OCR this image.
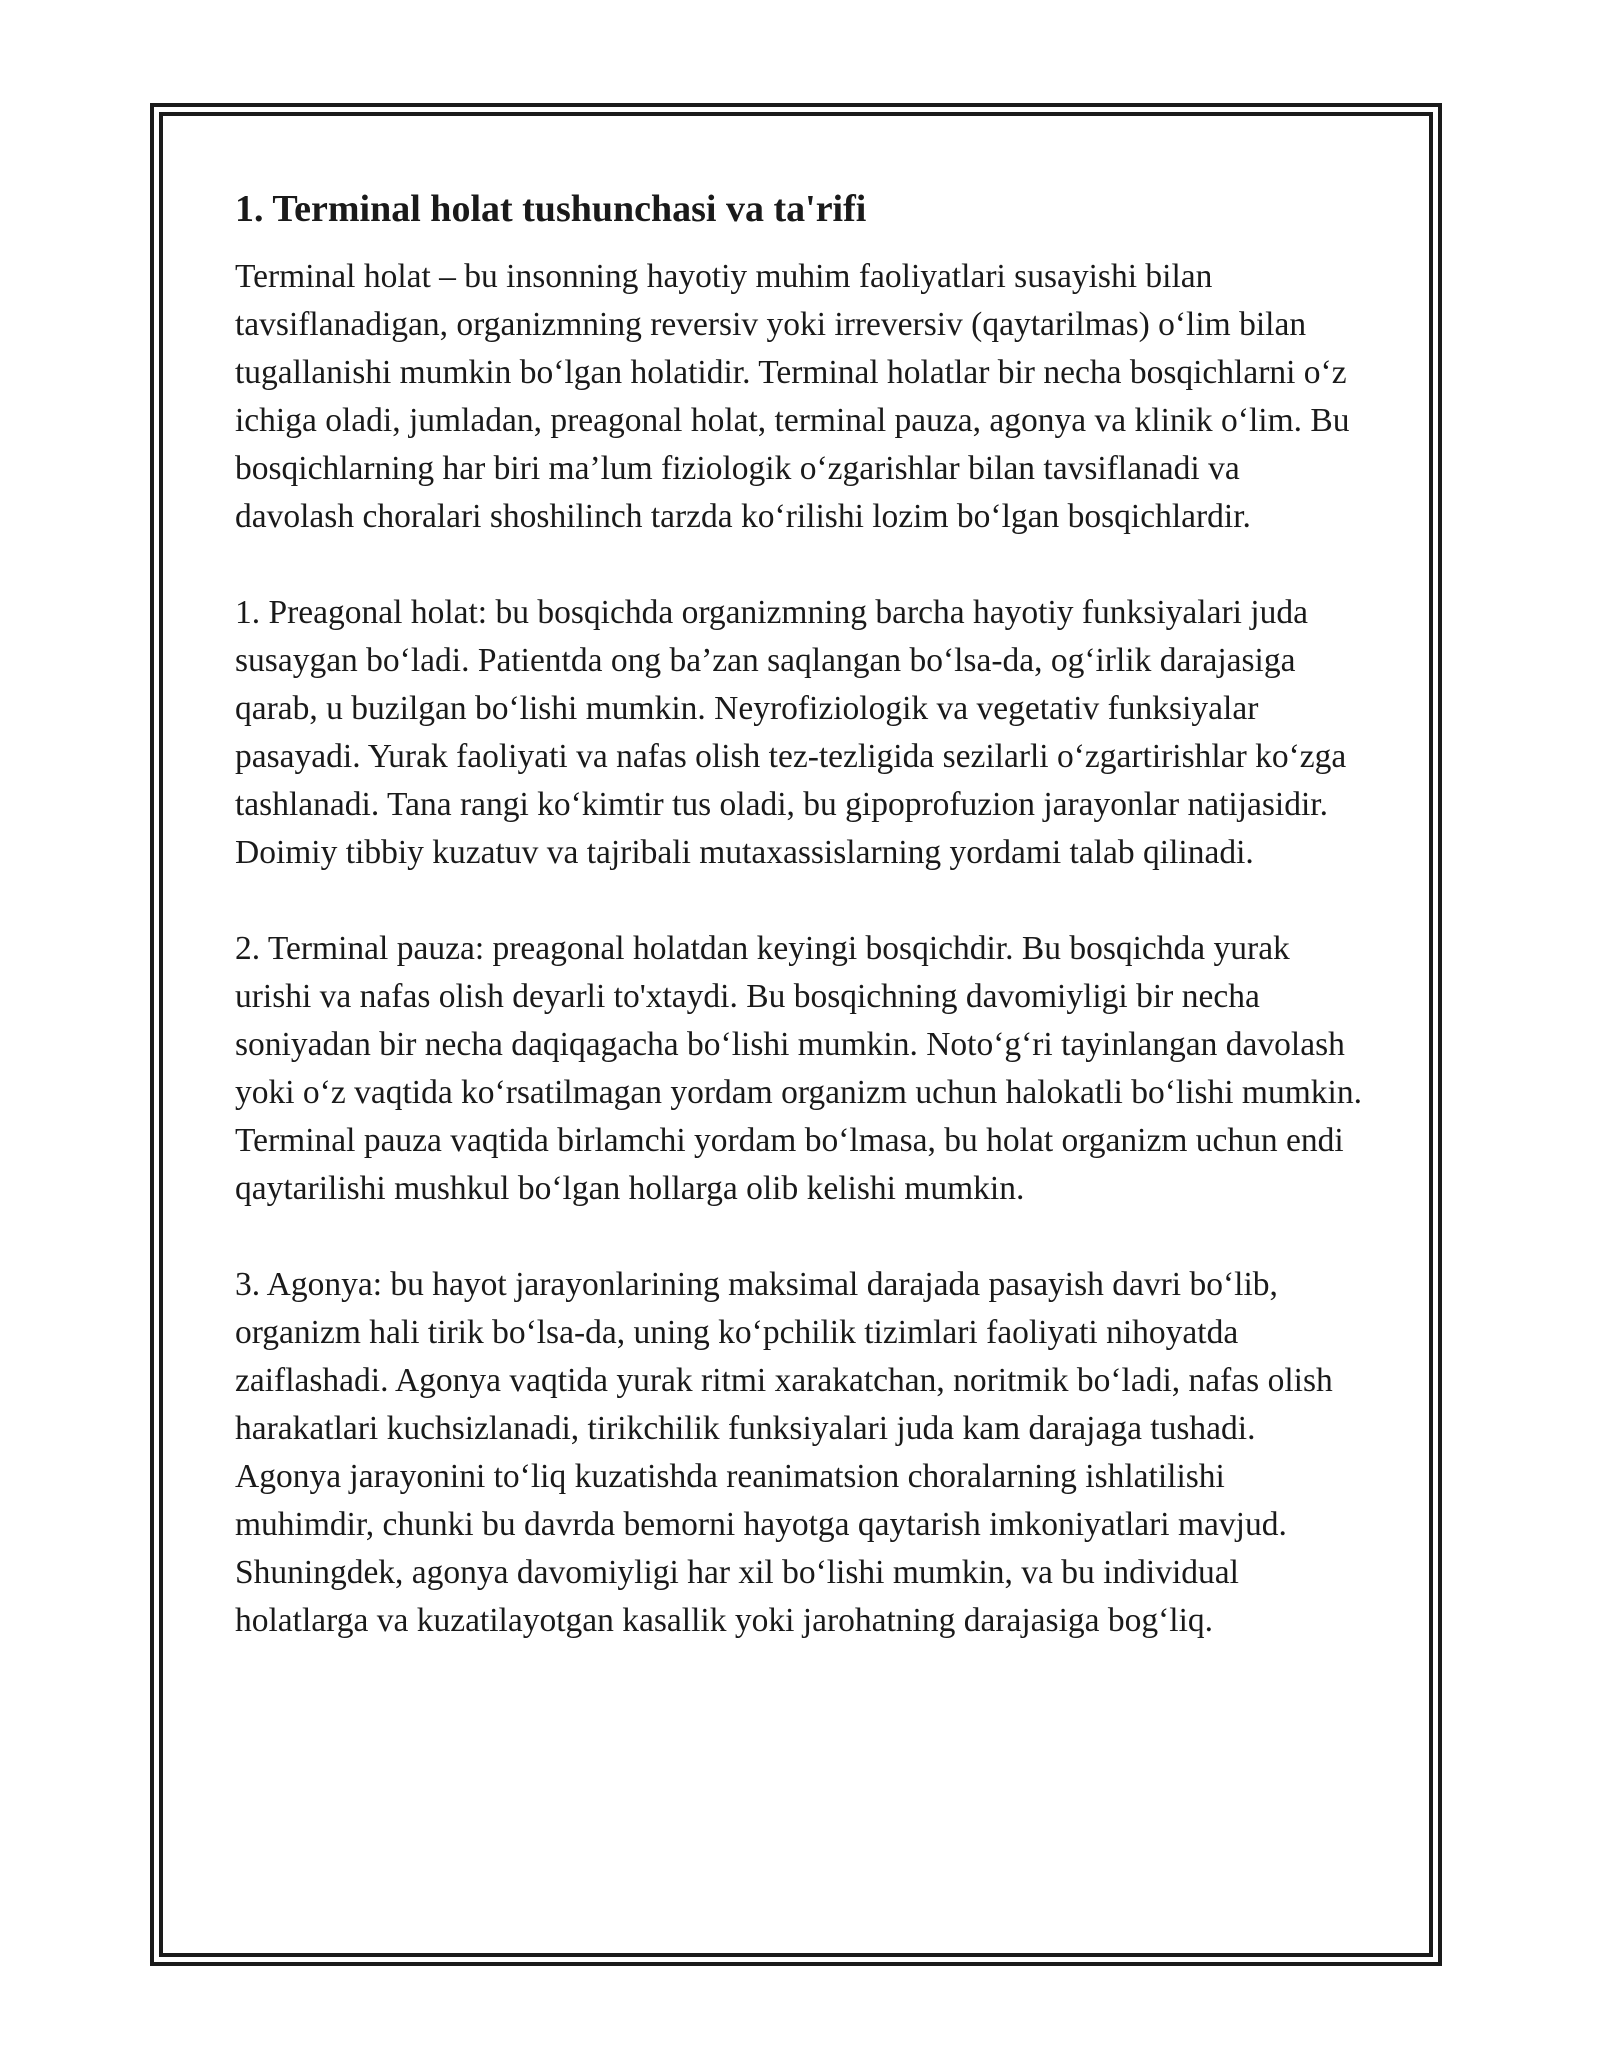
1. Terminal holat tushunchasi va ta'rifi

Terminal holat – bu insonning hayotiy muhim faoliyatlari susayishi bilan tavsiflanadigan, organizmning reversiv yoki irreversiv (qaytarilmas) o‘lim bilan tugallanishi mumkin bo‘lgan holatidir. Terminal holatlar bir necha bosqichlarni o‘z ichiga oladi, jumladan, preagonal holat, terminal pauza, agonya va klinik o‘lim. Bu bosqichlarning har biri ma’lum fiziologik o‘zgarishlar bilan tavsiflanadi va davolash choralari shoshilinch tarzda ko‘rilishi lozim bo‘lgan bosqichlardir.

1. Preagonal holat: bu bosqichda organizmning barcha hayotiy funksiyalari juda susaygan bo‘ladi. Patientda ong ba’zan saqlangan bo‘lsa-da, og‘irlik darajasiga qarab, u buzilgan bo‘lishi mumkin. Neyrofiziologik va vegetativ funksiyalar pasayadi. Yurak faoliyati va nafas olish tez-tezligida sezilarli o‘zgartirishlar ko‘zga tashlanadi. Tana rangi ko‘kimtir tus oladi, bu gipoprofuzion jarayonlar natijasidir. Doimiy tibbiy kuzatuv va tajribali mutaxassislarning yordami talab qilinadi.

2. Terminal pauza: preagonal holatdan keyingi bosqichdir. Bu bosqichda yurak urishi va nafas olish deyarli to'xtaydi. Bu bosqichning davomiyligi bir necha soniyadan bir necha daqiqagacha bo‘lishi mumkin. Noto‘g‘ri tayinlangan davolash yoki o‘z vaqtida ko‘rsatilmagan yordam organizm uchun halokatli bo‘lishi mumkin. Terminal pauza vaqtida birlamchi yordam bo‘lmasa, bu holat organizm uchun endi qaytarilishi mushkul bo‘lgan hollarga olib kelishi mumkin.

3. Agonya: bu hayot jarayonlarining maksimal darajada pasayish davri bo‘lib, organizm hali tirik bo‘lsa-da, uning ko‘pchilik tizimlari faoliyati nihoyatda zaiflashadi. Agonya vaqtida yurak ritmi xarakatchan, noritmik bo‘ladi, nafas olish harakatlari kuchsizlanadi, tirikchilik funksiyalari juda kam darajaga tushadi. Agonya jarayonini to‘liq kuzatishda reanimatsion choralarning ishlatilishi muhimdir, chunki bu davrda bemorni hayotga qaytarish imkoniyatlari mavjud. Shuningdek, agonya davomiyligi har xil bo‘lishi mumkin, va bu individual holatlarga va kuzatilayotgan kasallik yoki jarohatning darajasiga bog‘liq.
